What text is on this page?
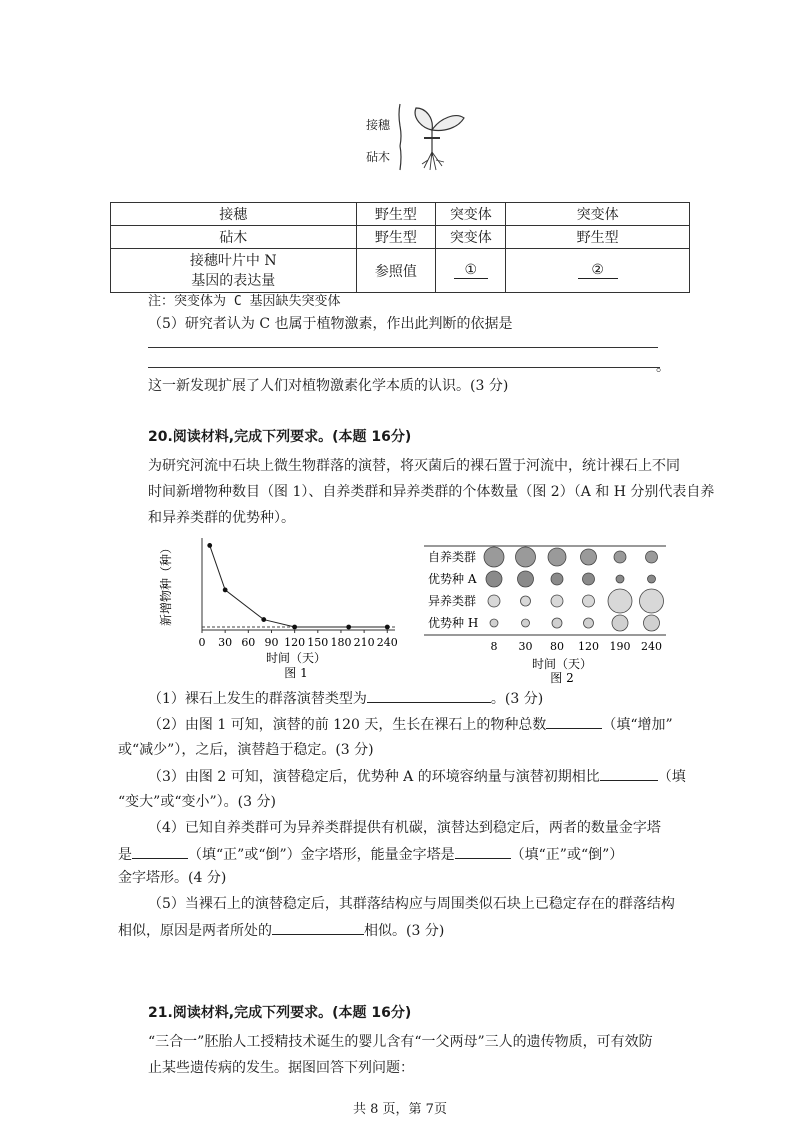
接穗
砧木
接穗	野生型	突变体	突变体
砧木	野生型	突变体	野生型
接穗叶片中 N
基因的表达量	参照值	①	②
注：突变体为 C 基因缺失突变体
（5）研究者认为 C 也属于植物激素，作出此判断的依据是
。
这一新发现扩展了人们对植物激素化学本质的认识。(3 分)
20.阅读材料,完成下列要求。(本题 16分)
为研究河流中石块上微生物群落的演替，将灭菌后的裸石置于河流中，统计裸石上不同
时间新增物种数目（图 1）、自养类群和异养类群的个体数量（图 2）（A 和 H 分别代表自养
和异养类群的优势种）。
新增物种（种）
0 30 60 90 120 150 180 210 240
时间（天）
图 1
自养类群
优势种 A
异养类群
优势种 H
8 30 80 120 190 240
时间（天）
图 2
（1）裸石上发生的群落演替类型为	。(3 分)
（2）由图 1 可知，演替的前 120 天，生长在裸石上的物种总数	（填“增加”
或“减少”），之后，演替趋于稳定。(3 分)
（3）由图 2 可知，演替稳定后，优势种 A 的环境容纳量与演替初期相比	（填
“变大”或“变小”）。(3 分)
（4）已知自养类群可为异养类群提供有机碳，演替达到稳定后，两者的数量金字塔
是	（填“正”或“倒”）金字塔形，能量金字塔是	（填“正”或“倒”）
金字塔形。(4 分)
（5）当裸石上的演替稳定后，其群落结构应与周围类似石块上已稳定存在的群落结构
相似，原因是两者所处的	相似。(3 分)
21.阅读材料,完成下列要求。(本题 16分)
“三合一”胚胎人工授精技术诞生的婴儿含有“一父两母”三人的遗传物质，可有效防
止某些遗传病的发生。据图回答下列问题：
共 8 页，第 7页
